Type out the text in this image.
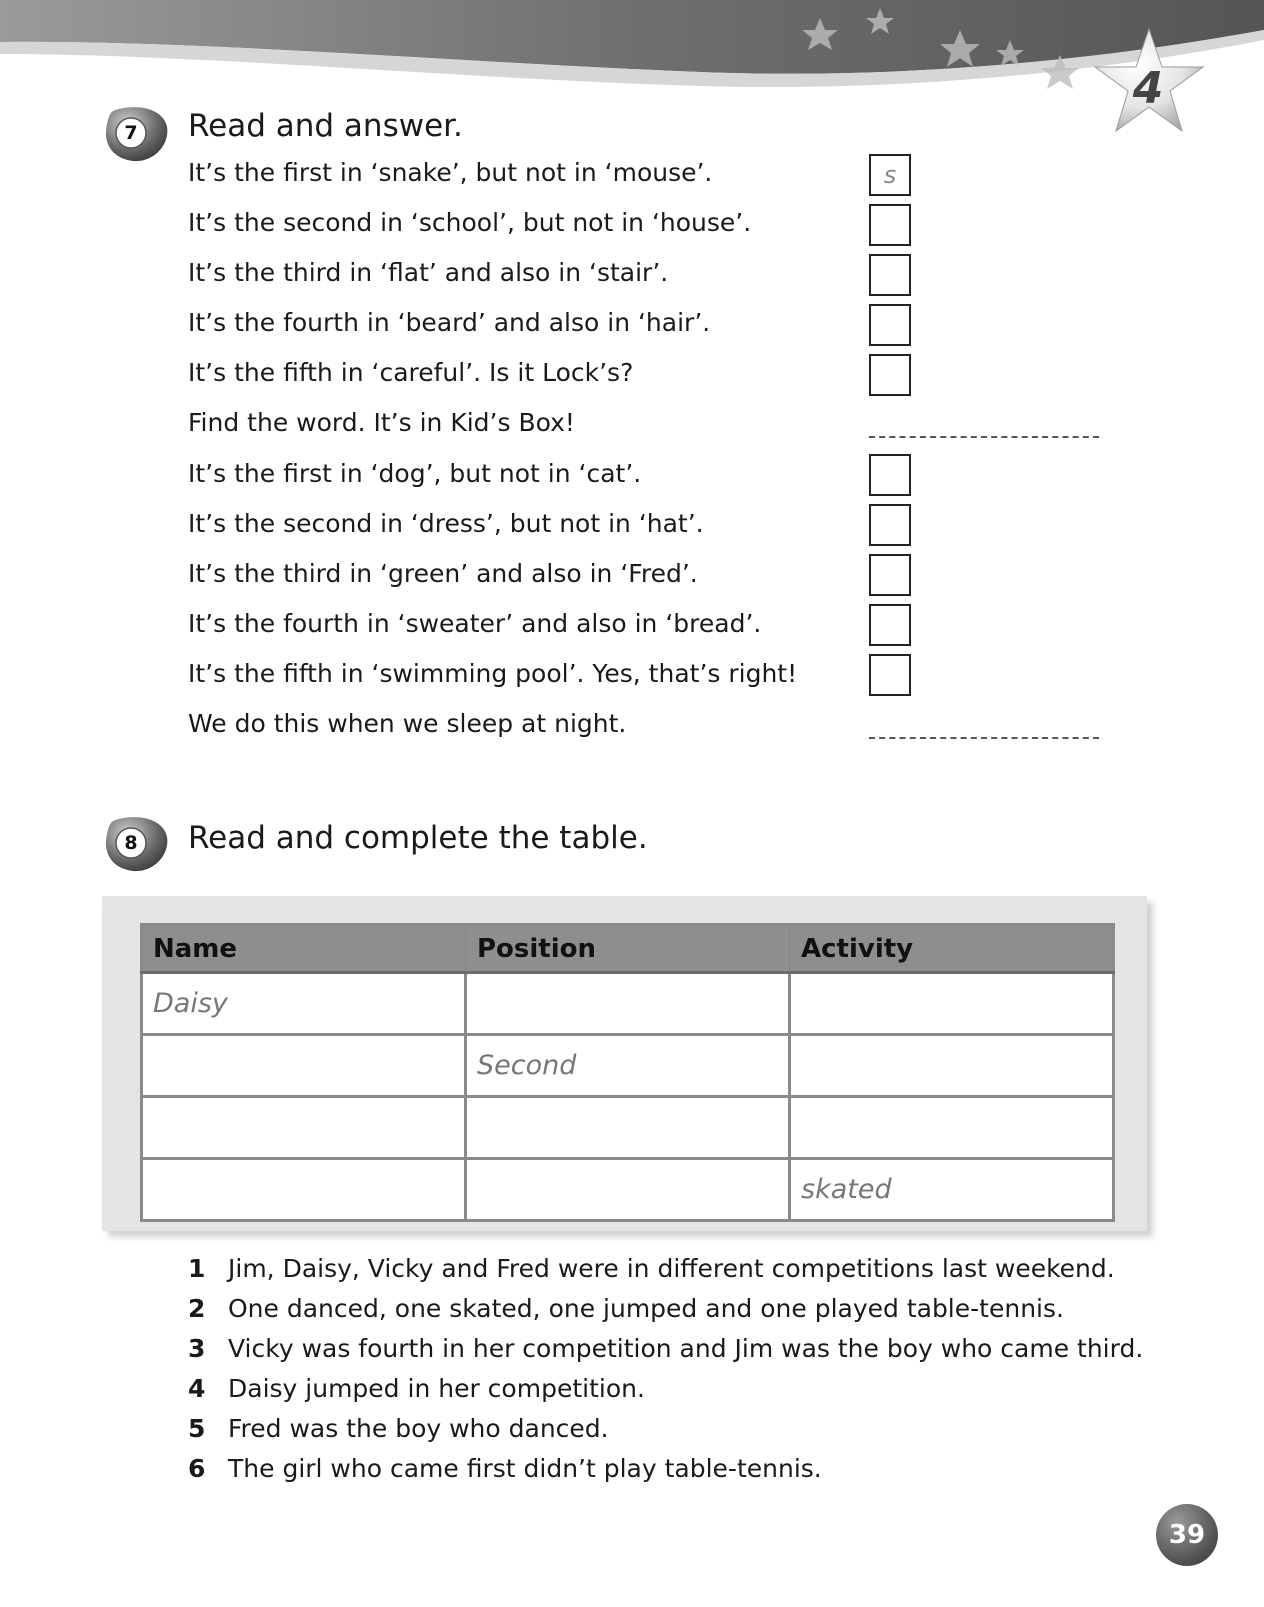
4
7 Read and answer.
It’s the first in ‘snake’, but not in ‘mouse’.
It’s the second in ‘school’, but not in ‘house’.
It’s the third in ‘flat’ and also in ‘stair’.
It’s the fourth in ‘beard’ and also in ‘hair’.
It’s the fifth in ‘careful’. Is it Lock’s?
Find the word. It’s in Kid’s Box!
It’s the first in ‘dog’, but not in ‘cat’.
It’s the second in ‘dress’, but not in ‘hat’.
It’s the third in ‘green’ and also in ‘Fred’.
It’s the fourth in ‘sweater’ and also in ‘bread’.
It’s the fifth in ‘swimming pool’. Yes, that’s right!
We do this when we sleep at night.
s
8 Read and complete the table.
Name	Position	Activity
Daisy		
	Second	

		skated
1 Jim, Daisy, Vicky and Fred were in different competitions last weekend.
2 One danced, one skated, one jumped and one played table-tennis.
3 Vicky was fourth in her competition and Jim was the boy who came third.
4 Daisy jumped in her competition.
5 Fred was the boy who danced.
6 The girl who came first didn’t play table-tennis.
39
